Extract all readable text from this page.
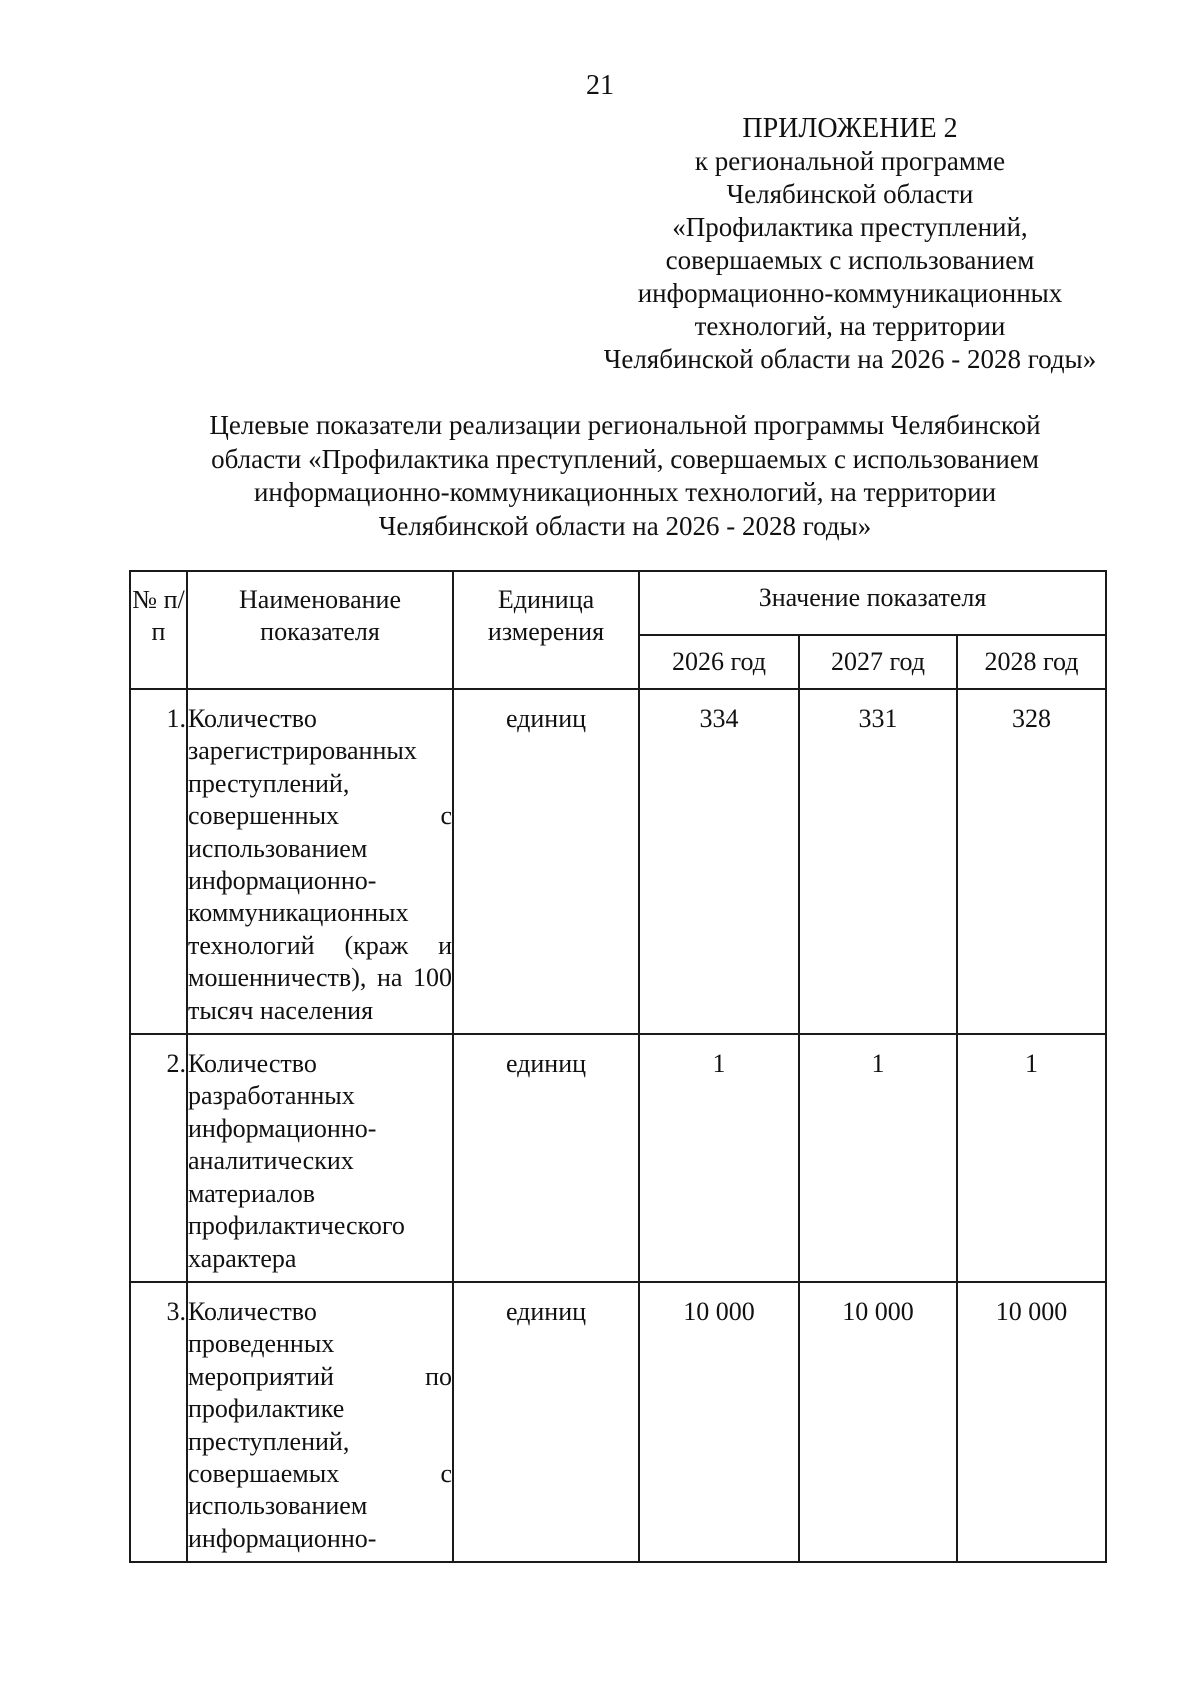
21
ПРИЛОЖЕНИЕ 2
к региональной программе
Челябинской области
«Профилактика преступлений,
совершаемых с использованием
информационно-коммуникационных
технологий, на территории
Челябинской области на 2026 - 2028 годы»
Целевые показатели реализации региональной программы Челябинской
области «Профилактика преступлений, совершаемых с использованием
информационно-коммуникационных технологий, на территории
Челябинской области на 2026 - 2028 годы»
№ п/п	Наименование показателя	Единица измерения	Значение показателя		
			2026 год	2027 год	2028 год
1.	Количество зарегистрированных преступлений, совершенных с использованием информационно-коммуникационных технологий (краж и мошенничеств), на 100 тысяч населения	единиц	334	331	328
2.	Количество разработанных информационно-аналитических материалов профилактического характера	единиц	1	1	1
3.	Количество проведенных мероприятий по профилактике преступлений, совершаемых с использованием информационно-	единиц	10 000	10 000	10 000
